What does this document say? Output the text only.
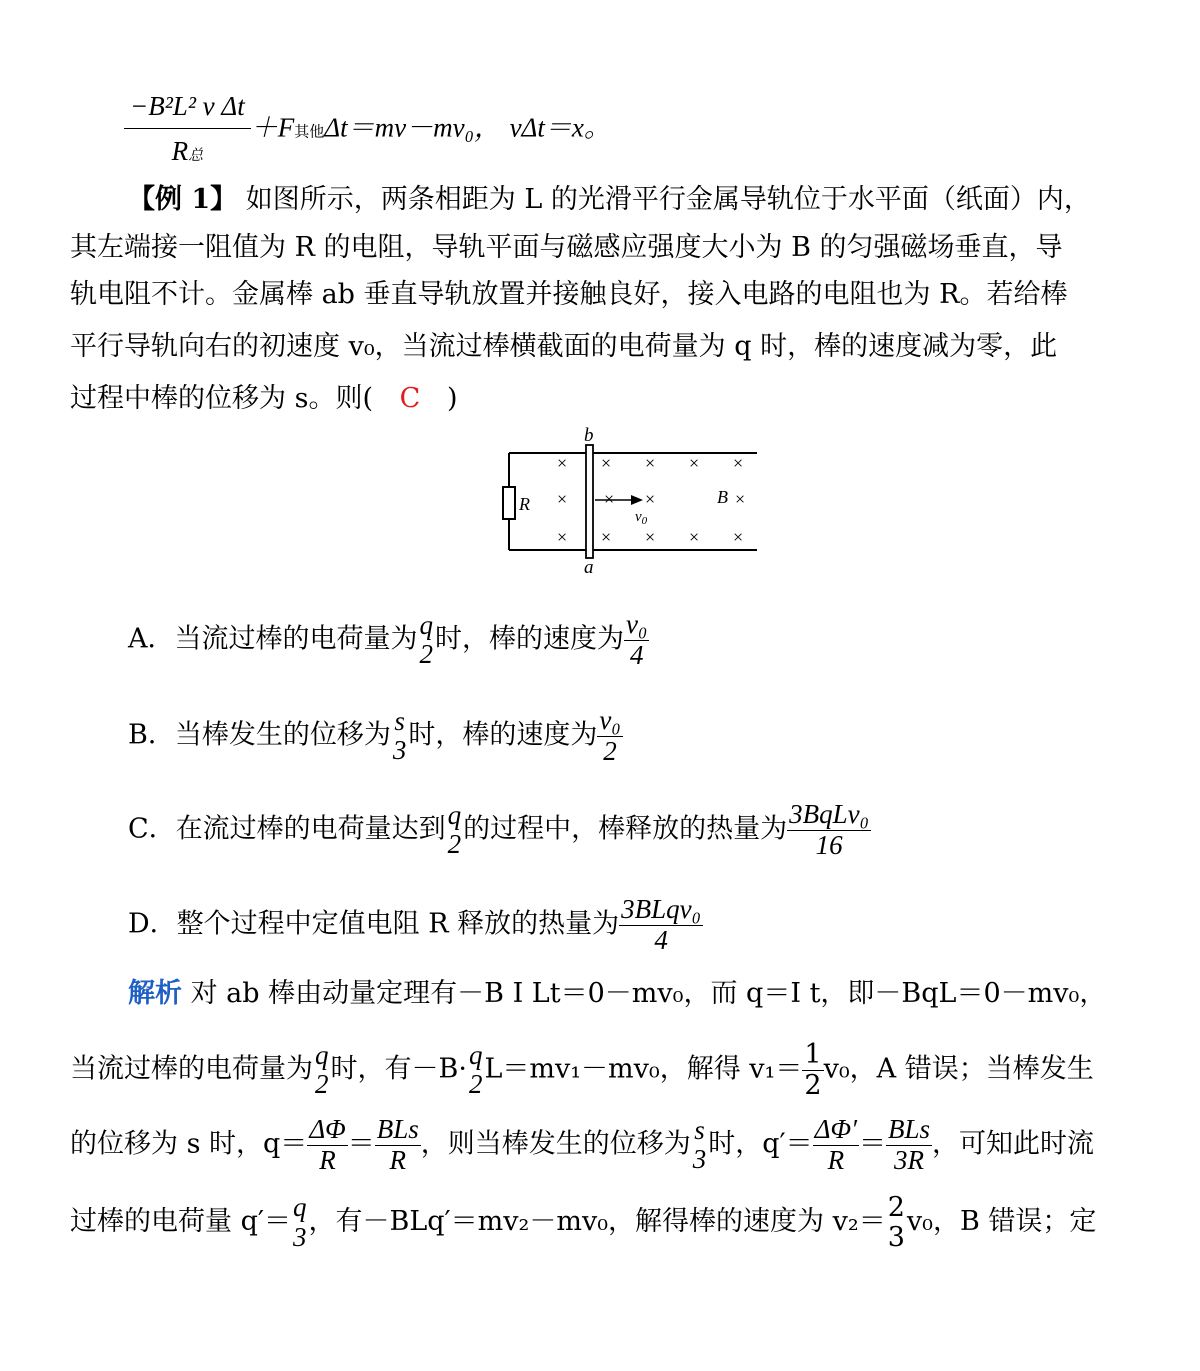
$\frac{\text{−B²L² v Δt}}{\text{R总}} +F$其他Δt＝mv－mv₀， vΔt＝x。
【例 1】 如图所示，两条相距为 L 的光滑平行金属导轨位于水平面（纸面）内，
其左端接一阻值为 R 的电阻，导轨平面与磁感应强度大小为 B 的匀强磁场垂直，导
轨电阻不计。金属棒 ab 垂直导轨放置并接触良好，接入电路的电阻也为 R。若给棒
平行导轨向右的初速度 v₀，当流过棒横截面的电荷量为 q 时，棒的速度减为零，此
过程中棒的位移为 s。则( C )
R
b
a
$v_0$
B
× × × × ×
× × ×	×
× × × × ×
A．当流过棒的电荷量为 q
2 时，棒的速度为 $\frac{\text{v₀}}{4}$
B．当棒发生的位移为 s
3 时，棒的速度为 $\frac{\text{v₀}}{2}$
C．在流过棒的电荷量达到 q
2 的过程中，棒释放的热量为 $\frac{\text{3BqLv₀}}{16}$
D．整个过程中定值电阻 R 释放的热量为 $\frac{\text{3BLqv₀}}{4}$
解析 对 ab 棒由动量定理有－B I Lt＝0－mv₀，而 q＝I t，即－BqL＝0－mv₀，
当流过棒的电荷量为 q
2 时，有－B· q
2 L＝mv₁－mv₀，解得 $v_1= \frac{1}{2} v_0$，A 错误；当棒发生
的位移为 s 时，$q= \frac{\Delta\Phi}{R} = \frac{\text{BLs}}{R}$ ，则当棒发生的位移为 s
3 时，$q'= \frac{\Delta\Phi'}{R} = \frac{\text{BLs}}{3R}$ ，可知此时流
过棒的电荷量 q′＝ q
3 ，有－BLq′＝mv₂－mv₀，解得棒的速度为 v₂＝ 2
3 v₀，B 错误；定
